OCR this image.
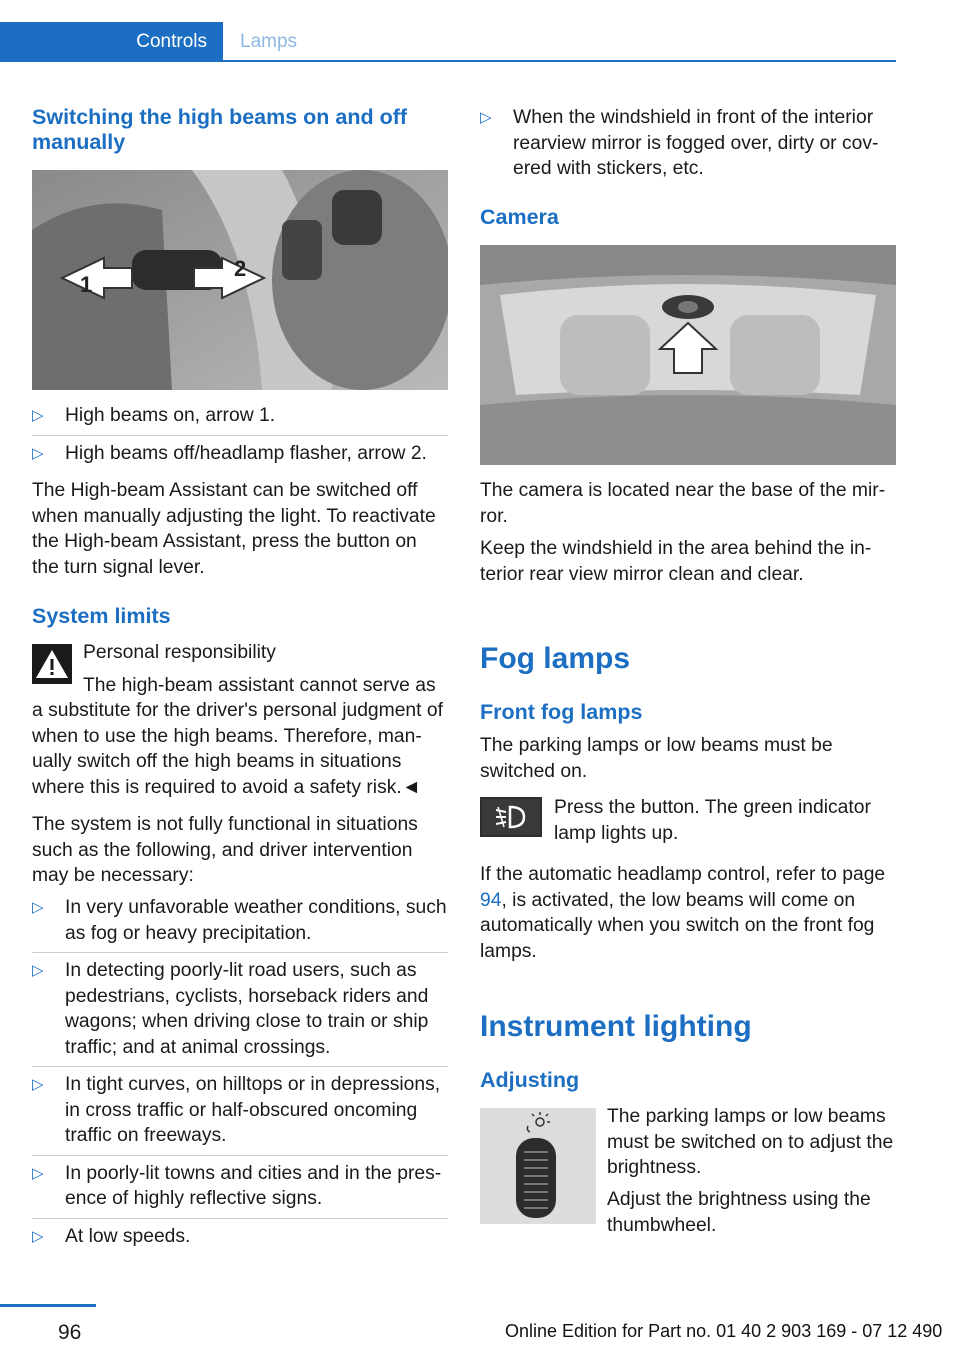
Controls	Lamps
Switching the high beams on and off manually
1
2
▷ High beams on, arrow 1.
▷ High beams off/headlamp flasher, arrow 2.

The High-beam Assistant can be switched off when manually adjusting the light. To reactivate the High-beam Assistant, press the button on the turn signal lever.

System limits

Personal responsibility

The high-beam assistant cannot serve as

a substitute for the driver's personal judgment of when to use the high beams. Therefore, manually switch off the high beams in situations where this is required to avoid a safety risk.◄

The system is not fully functional in situations such as the following, and driver intervention may be necessary:

▷ In very unfavorable weather conditions, such as fog or heavy precipitation.
▷ In detecting poorly-lit road users, such as pedestrians, cyclists, horseback riders and wagons; when driving close to train or ship traffic; and at animal crossings.
▷ In tight curves, on hilltops or in depressions, in cross traffic or half-obscured oncoming traffic on freeways.
▷ In poorly-lit towns and cities and in the presence of highly reflective signs.
▷ At low speeds.
▷ When the windshield in front of the interior rearview mirror is fogged over, dirty or covered with stickers, etc.
Camera

The camera is located near the base of the mirror.

Keep the windshield in the area behind the interior rear view mirror clean and clear.

Fog lamps
Front fog lamps

The parking lamps or low beams must be switched on.

Press the button. The green indicator lamp lights up.

If the automatic headlamp control, refer to page 94, is activated, the low beams will come on automatically when you switch on the front fog lamps.

Instrument lighting
Adjusting

The parking lamps or low beams must be switched on to adjust the brightness.

Adjust the brightness using the thumbwheel.

96	Online Edition for Part no. 01 40 2 903 169 - 07 12 490
